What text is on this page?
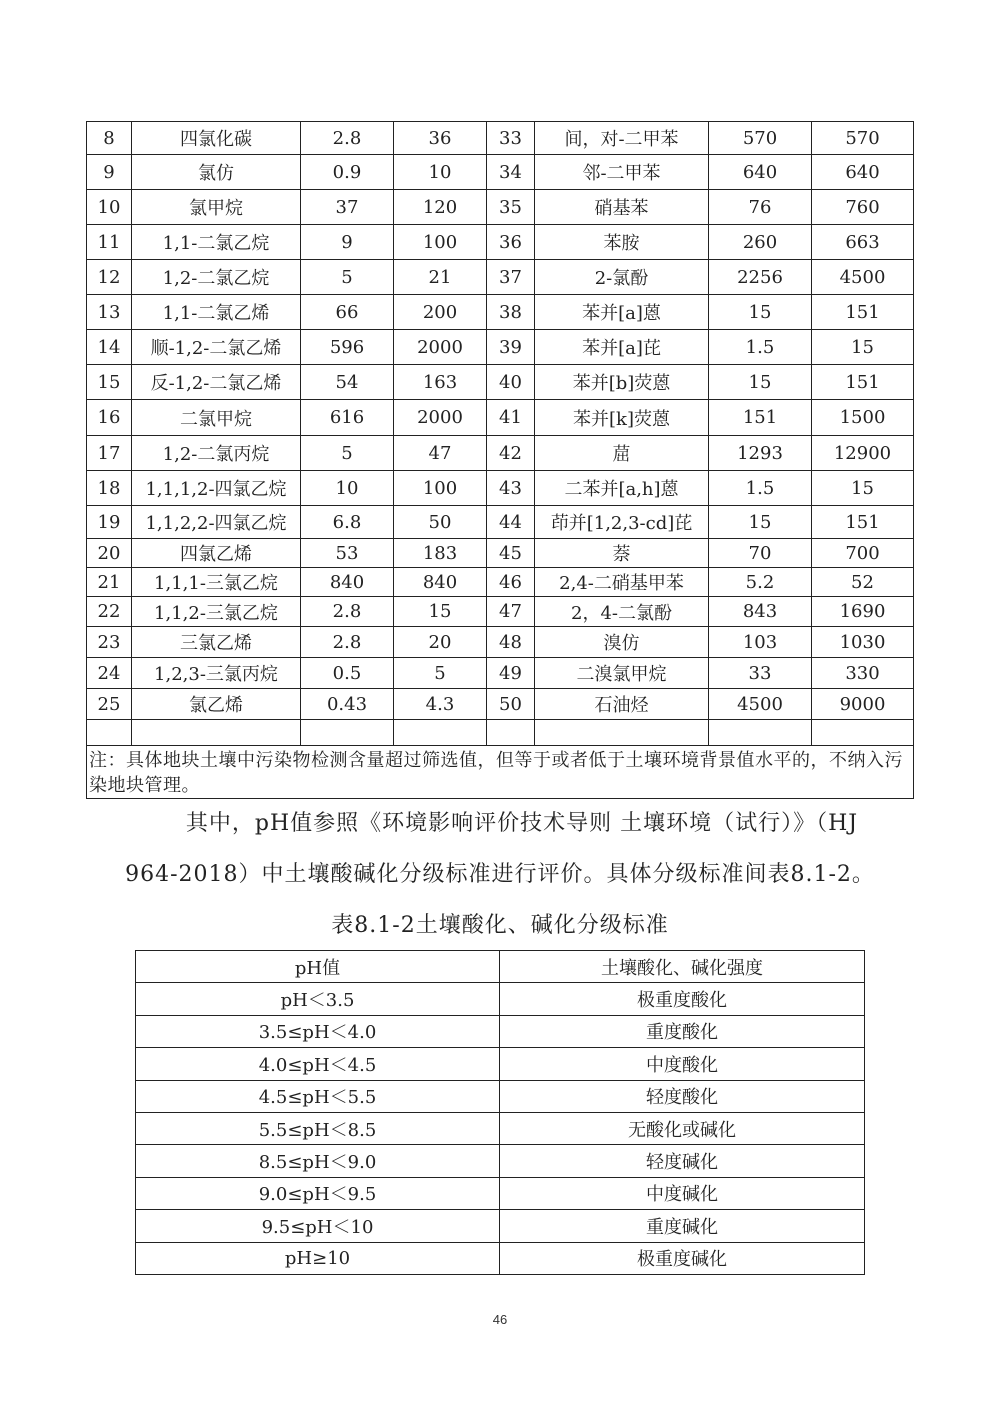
8	四氯化碳	2.8	36	33	间，对-二甲苯	570	570
9	氯仿	0.9	10	34	邻-二甲苯	640	640
10	氯甲烷	37	120	35	硝基苯	76	760
11	1,1-二氯乙烷	9	100	36	苯胺	260	663
12	1,2-二氯乙烷	5	21	37	2-氯酚	2256	4500
13	1,1-二氯乙烯	66	200	38	苯并[a]蒽	15	151
14	顺-1,2-二氯乙烯	596	2000	39	苯并[a]芘	1.5	15
15	反-1,2-二氯乙烯	54	163	40	苯并[b]荧蒽	15	151
16	二氯甲烷	616	2000	41	苯并[k]荧蒽	151	1500
17	1,2-二氯丙烷	5	47	42	䓛	1293	12900
18	1,1,1,2-四氯乙烷	10	100	43	二苯并[a,h]蒽	1.5	15
19	1,1,2,2-四氯乙烷	6.8	50	44	茚并[1,2,3-cd]芘	15	151
20	四氯乙烯	53	183	45	萘	70	700
21	1,1,1-三氯乙烷	840	840	46	2,4-二硝基甲苯	5.2	52
22	1,1,2-三氯乙烷	2.8	15	47	2，4-二氯酚	843	1690
23	三氯乙烯	2.8	20	48	溴仿	103	1030
24	1,2,3-三氯丙烷	0.5	5	49	二溴氯甲烷	33	330
25	氯乙烯	0.43	4.3	50	石油烃	4500	9000

注：具体地块土壤中污染物检测含量超过筛选值，但等于或者低于土壤环境背景值水平的，不纳入污染地块管理。							
其中，pH值参照《环境影响评价技术导则 土壤环境（试行）》（HJ
964-2018）中土壤酸碱化分级标准进行评价。具体分级标准间表8.1-2。
表8.1-2土壤酸化、碱化分级标准
pH值	土壤酸化、碱化强度
pH＜3.5	极重度酸化
3.5≤pH＜4.0	重度酸化
4.0≤pH＜4.5	中度酸化
4.5≤pH＜5.5	轻度酸化
5.5≤pH＜8.5	无酸化或碱化
8.5≤pH＜9.0	轻度碱化
9.0≤pH＜9.5	中度碱化
9.5≤pH＜10	重度碱化
pH≥10	极重度碱化
46
